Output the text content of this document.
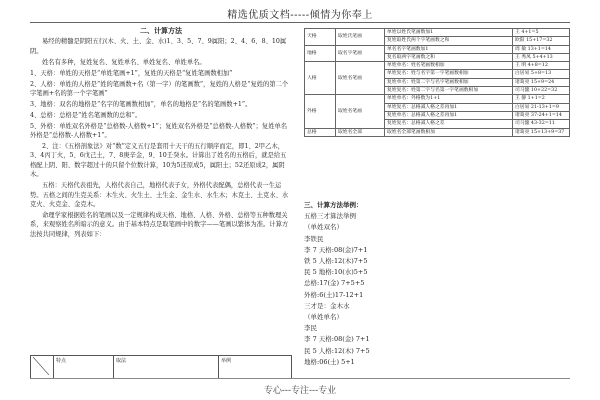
精选优质文档-----倾情为你奉上
二、计算方法

易经的精髓是阴阳五行(木、火、土、金、水)1、3、5、7、9属阳；2、4、6、8、10属阴。

姓名有多种，复姓复名、复姓单名、单姓复名、单姓单名。

1、天格：单姓的天格是“单姓笔画+1”，复姓的天格是“复姓笔画数相加”

2、人格：单姓的人格是“姓的笔画数+名（第一字）的笔画数”，复姓的人格是“复姓的第二个字笔画+名的第一个字笔画”

3、地格：双名的地格是“名字的笔画数相加”，单名的地格是“名的笔画数+1”。

4、总格：总格是“姓名笔画数的总和”。

5、外格：单姓双名外格是“总格数-人格数+1”；复姓双名外格是“总格数-人格数”；复姓单名外格是“总格数-人格数+1”。

2、注：《五格剖象法》对“数”定义五行是套用十天干的五行顺序而定，即1、2甲乙木，3、4丙丁火，5、6戊己土，7、8庚辛金，9、10壬癸水。计算出了姓名的五格后，就是给五格配上阴、阳、数字超过十的只留个位数计算，10为5还原成5，属阳土；52还原成2，属阴木。

五格：天格代表祖先，人格代表自己，地格代表子女，外格代表配偶，总格代表一生运势。五格之间的生克关系：木生火、火生土、土生金、金生水、水生木；木克土、土克水、水克火、火克金、金克木。

命理学家根据姓名的笔画以及一定规律构成天格、地格、人格、外格、总格等五种数理关系，来观察姓名所暗示的意义。由于基本特点是取笔画中的数字——笔画以繁体为准。计算方法按共同规律，列表如下：

	特点	取法	举例
天格	取姓氏笔画	单姓以姓氏笔画数加1	王 4+1=5
		复姓取姓氏两个字笔画数之和	欧阳 15+17=32
地格	取名字笔画	单名名字笔画数加1	周 敏 13+1=14
		复名取两字笔画数之和	王 秀凤 5+4+13
人格	取姓名笔画	单姓单名：姓名笔画数相加	王 明 4+8=12
		单姓复名：姓与名字第一字笔画数相加	白居易 5+8=13
		复姓单名：姓第二字与名字笔画数相加	诸葛亮 15+9=24
		复姓复名：姓第二字与名第一字笔画数相加	司马懿 10+22=32
外格	取姓名笔画	单姓单名：外格数为1+1	王 静 1+1=2
		单姓复名：总格减人格之差再加1	白居易 21-13+1=9
		复姓单名：总格减人格之差再加1	诸葛亮 37-24+1=14
		复姓复名：总格减人格之差	司马懿 43-32=11
总格	取姓名全部	取姓名全部笔画数相加	诸葛亮 15+13+9=37
三、计算方法举例：
五格三才算法举例
（单姓双名）
李铁民
李 7 天格:08(金)7+1
铁 5 人格:12(木)7+5
民 5 地格:10(水)5+5
总格:17(金) 7+5+5
外格:6(土)17-12+1
三才是：金木水
（单姓单名）
李民
李 7 天格:08(金) 7+1
民 5 人格:12(木) 7+5
地格:06(土) 5+1
专心---专注---专业
